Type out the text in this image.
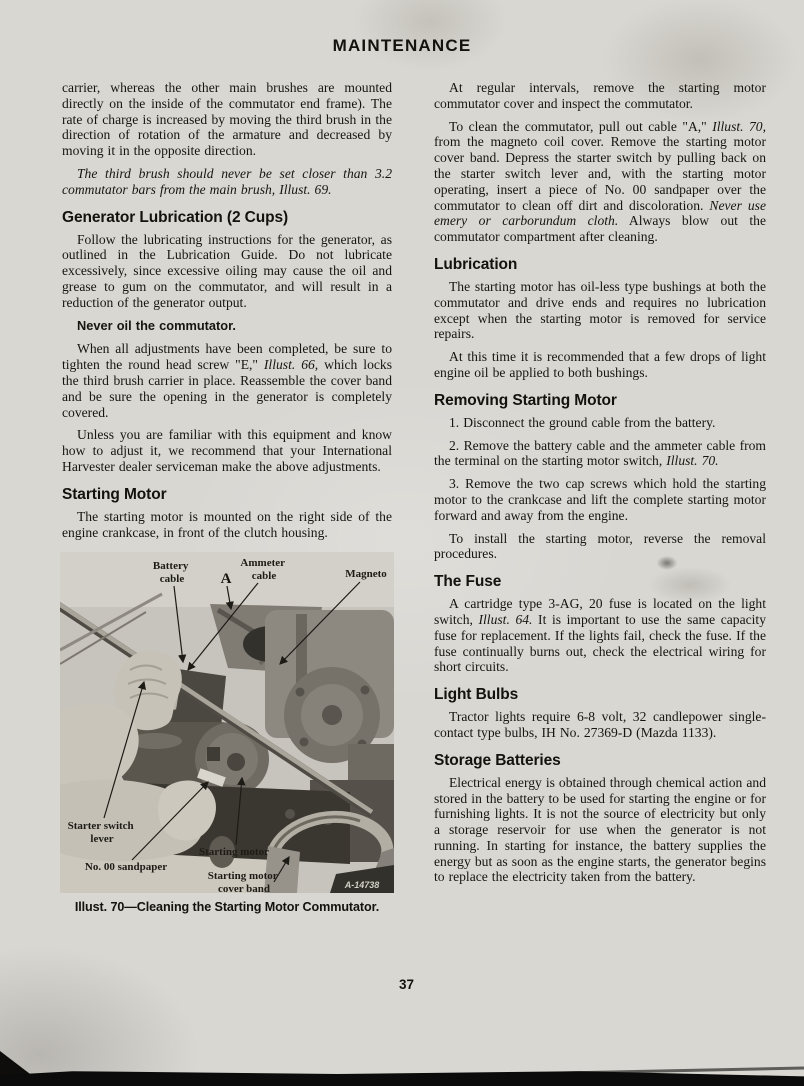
MAINTENANCE

carrier, whereas the other main brushes are mounted directly on the inside of the commutator end frame). The rate of charge is increased by moving the third brush in the direction of rotation of the armature and decreased by moving it in the opposite direction.

The third brush should never be set closer than 3.2 commutator bars from the main brush, Illust. 69.

Generator Lubrication (2 Cups)

Follow the lubricating instructions for the generator, as outlined in the Lubrication Guide. Do not lubricate excessively, since excessive oiling may cause the oil and grease to gum on the commutator, and will result in a reduction of the generator output.

Never oil the commutator.

When all adjustments have been completed, be sure to tighten the round head screw "E," Illust. 66, which locks the third brush carrier in place. Reassemble the cover band and be sure the opening in the generator is completely covered.

Unless you are familiar with this equipment and know how to adjust it, we recommend that your International Harvester dealer serviceman make the above adjustments.

Starting Motor

The starting motor is mounted on the right side of the engine crankcase, in front of the clutch housing.

Battery cable	A
Ammeter cable	Magneto
Starter switch lever
No. 00 sandpaper
Starting motor
Starting motor cover band	A-14738
Illust. 70—Cleaning the Starting Motor Commutator.

At regular intervals, remove the starting motor commutator cover and inspect the commutator.

To clean the commutator, pull out cable "A," Illust. 70, from the magneto coil cover. Remove the starting motor cover band. Depress the starter switch by pulling back on the starter switch lever and, with the starting motor operating, insert a piece of No. 00 sandpaper over the commutator to clean off dirt and discoloration. Never use emery or carborundum cloth. Always blow out the commutator compartment after cleaning.

Lubrication

The starting motor has oil-less type bushings at both the commutator and drive ends and requires no lubrication except when the starting motor is removed for service repairs.

At this time it is recommended that a few drops of light engine oil be applied to both bushings.

Removing Starting Motor

1. Disconnect the ground cable from the battery.

2. Remove the battery cable and the ammeter cable from the terminal on the starting motor switch, Illust. 70.

3. Remove the two cap screws which hold the starting motor to the crankcase and lift the complete starting motor forward and away from the engine.

To install the starting motor, reverse the removal procedures.

The Fuse

A cartridge type 3-AG, 20 fuse is located on the light switch, Illust. 64. It is important to use the same capacity fuse for replacement. If the lights fail, check the fuse. If the fuse continually burns out, check the electrical wiring for short circuits.

Light Bulbs

Tractor lights require 6-8 volt, 32 candlepower single-contact type bulbs, IH No. 27369-D (Mazda 1133).

Storage Batteries

Electrical energy is obtained through chemical action and stored in the battery to be used for starting the engine or for furnishing lights. It is not the source of electricity but only a storage reservoir for use when the generator is not running. In starting for instance, the battery supplies the energy but as soon as the engine starts, the generator begins to replace the electricity taken from the battery.

37
